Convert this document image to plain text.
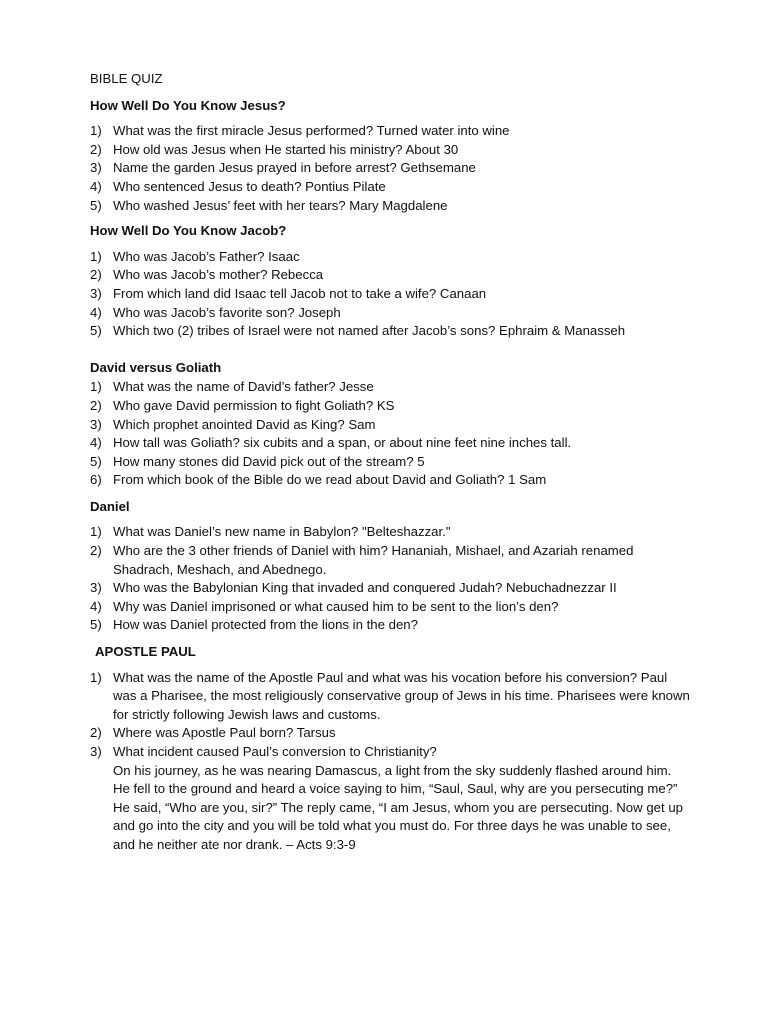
BIBLE QUIZ

How Well Do You Know Jesus?

1) What was the first miracle Jesus performed? Turned water into wine
2) How old was Jesus when He started his ministry? About 30
3) Name the garden Jesus prayed in before arrest? Gethsemane
4) Who sentenced Jesus to death? Pontius Pilate
5) Who washed Jesus’ feet with her tears? Mary Magdalene

How Well Do You Know Jacob?

1) Who was Jacob’s Father? Isaac
2) Who was Jacob’s mother? Rebecca
3) From which land did Isaac tell Jacob not to take a wife? Canaan
4) Who was Jacob’s favorite son? Joseph
5) Which two (2) tribes of Israel were not named after Jacob’s sons? Ephraim & Manasseh

David versus Goliath

1) What was the name of David’s father? Jesse
2) Who gave David permission to fight Goliath? KS
3) Which prophet anointed David as King? Sam
4) How tall was Goliath? six cubits and a span, or about nine feet nine inches tall.
5) How many stones did David pick out of the stream? 5
6) From which book of the Bible do we read about David and Goliath? 1 Sam

Daniel

1) What was Daniel’s new name in Babylon? "Belteshazzar."
2) Who are the 3 other friends of Daniel with him? Hananiah, Mishael, and Azariah renamed Shadrach, Meshach, and Abednego.
3) Who was the Babylonian King that invaded and conquered Judah? Nebuchadnezzar II
4) Why was Daniel imprisoned or what caused him to be sent to the lion’s den?
5) How was Daniel protected from the lions in the den?

APOSTLE PAUL

1) What was the name of the Apostle Paul and what was his vocation before his conversion? Paul was a Pharisee, the most religiously conservative group of Jews in his time. Pharisees were known for strictly following Jewish laws and customs.
2) Where was Apostle Paul born? Tarsus
3) What incident caused Paul’s conversion to Christianity?
On his journey, as he was nearing Damascus, a light from the sky suddenly flashed around him. He fell to the ground and heard a voice saying to him, “Saul, Saul, why are you persecuting me?” He said, “Who are you, sir?” The reply came, “I am Jesus, whom you are persecuting. Now get up and go into the city and you will be told what you must do. For three days he was unable to see, and he neither ate nor drank. – Acts 9:3-9
